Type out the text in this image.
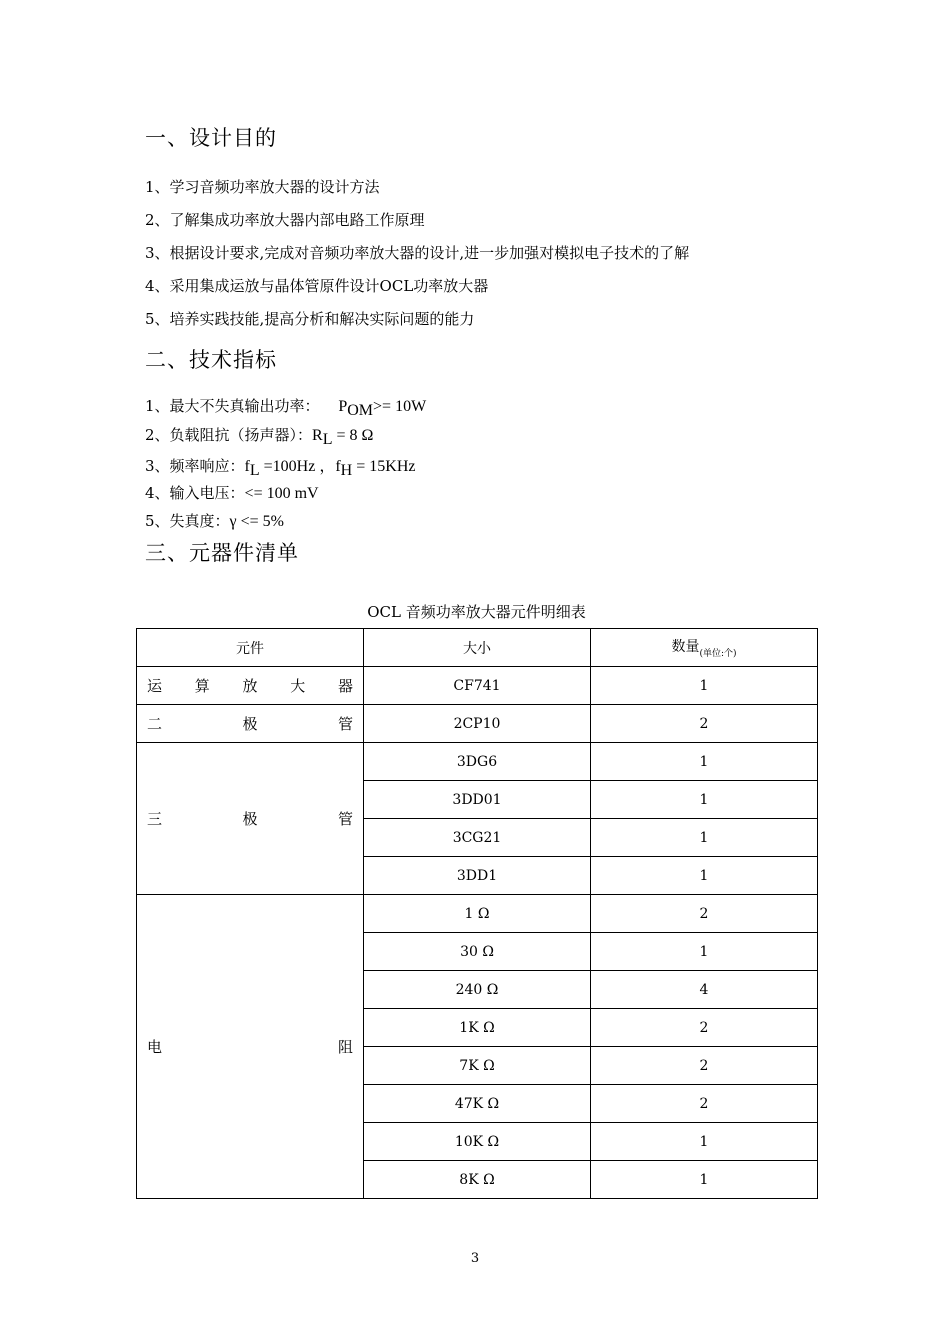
一、设计目的

1、学习音频功率放大器的设计方法

2、了解集成功率放大器内部电路工作原理

3、根据设计要求,完成对音频功率放大器的设计,进一步加强对模拟电子技术的了解

4、采用集成运放与晶体管原件设计OCL功率放大器

5、培养实践技能,提高分析和解决实际问题的能力

二、技术指标

1、最大不失真输出功率： $P_{OM}>= 10W$

2、负载阻抗（扬声器）：$R_L = 8$ Ω

3、频率响应：$f_L =100Hz$ ，$f_H = 15KHz$

4、输入电压：<= 100 mV

5、失真度：γ <= 5%

三、元器件清单

OCL 音频功率放大器元件明细表

元件	大小	数量$_{(单位:个)}$

运 算 放 大 器	CF741	1

二 极 管	2CP10	2

三 极 管	3DG6	1
	3DD01	1
	3CG21	1
	3DD1	1

电 阻	1 Ω	2
	30 Ω	1
	240 Ω	4
	1K Ω	2
	7K Ω	2
	47K Ω	2
	10K Ω	1
	8K Ω	1

3
